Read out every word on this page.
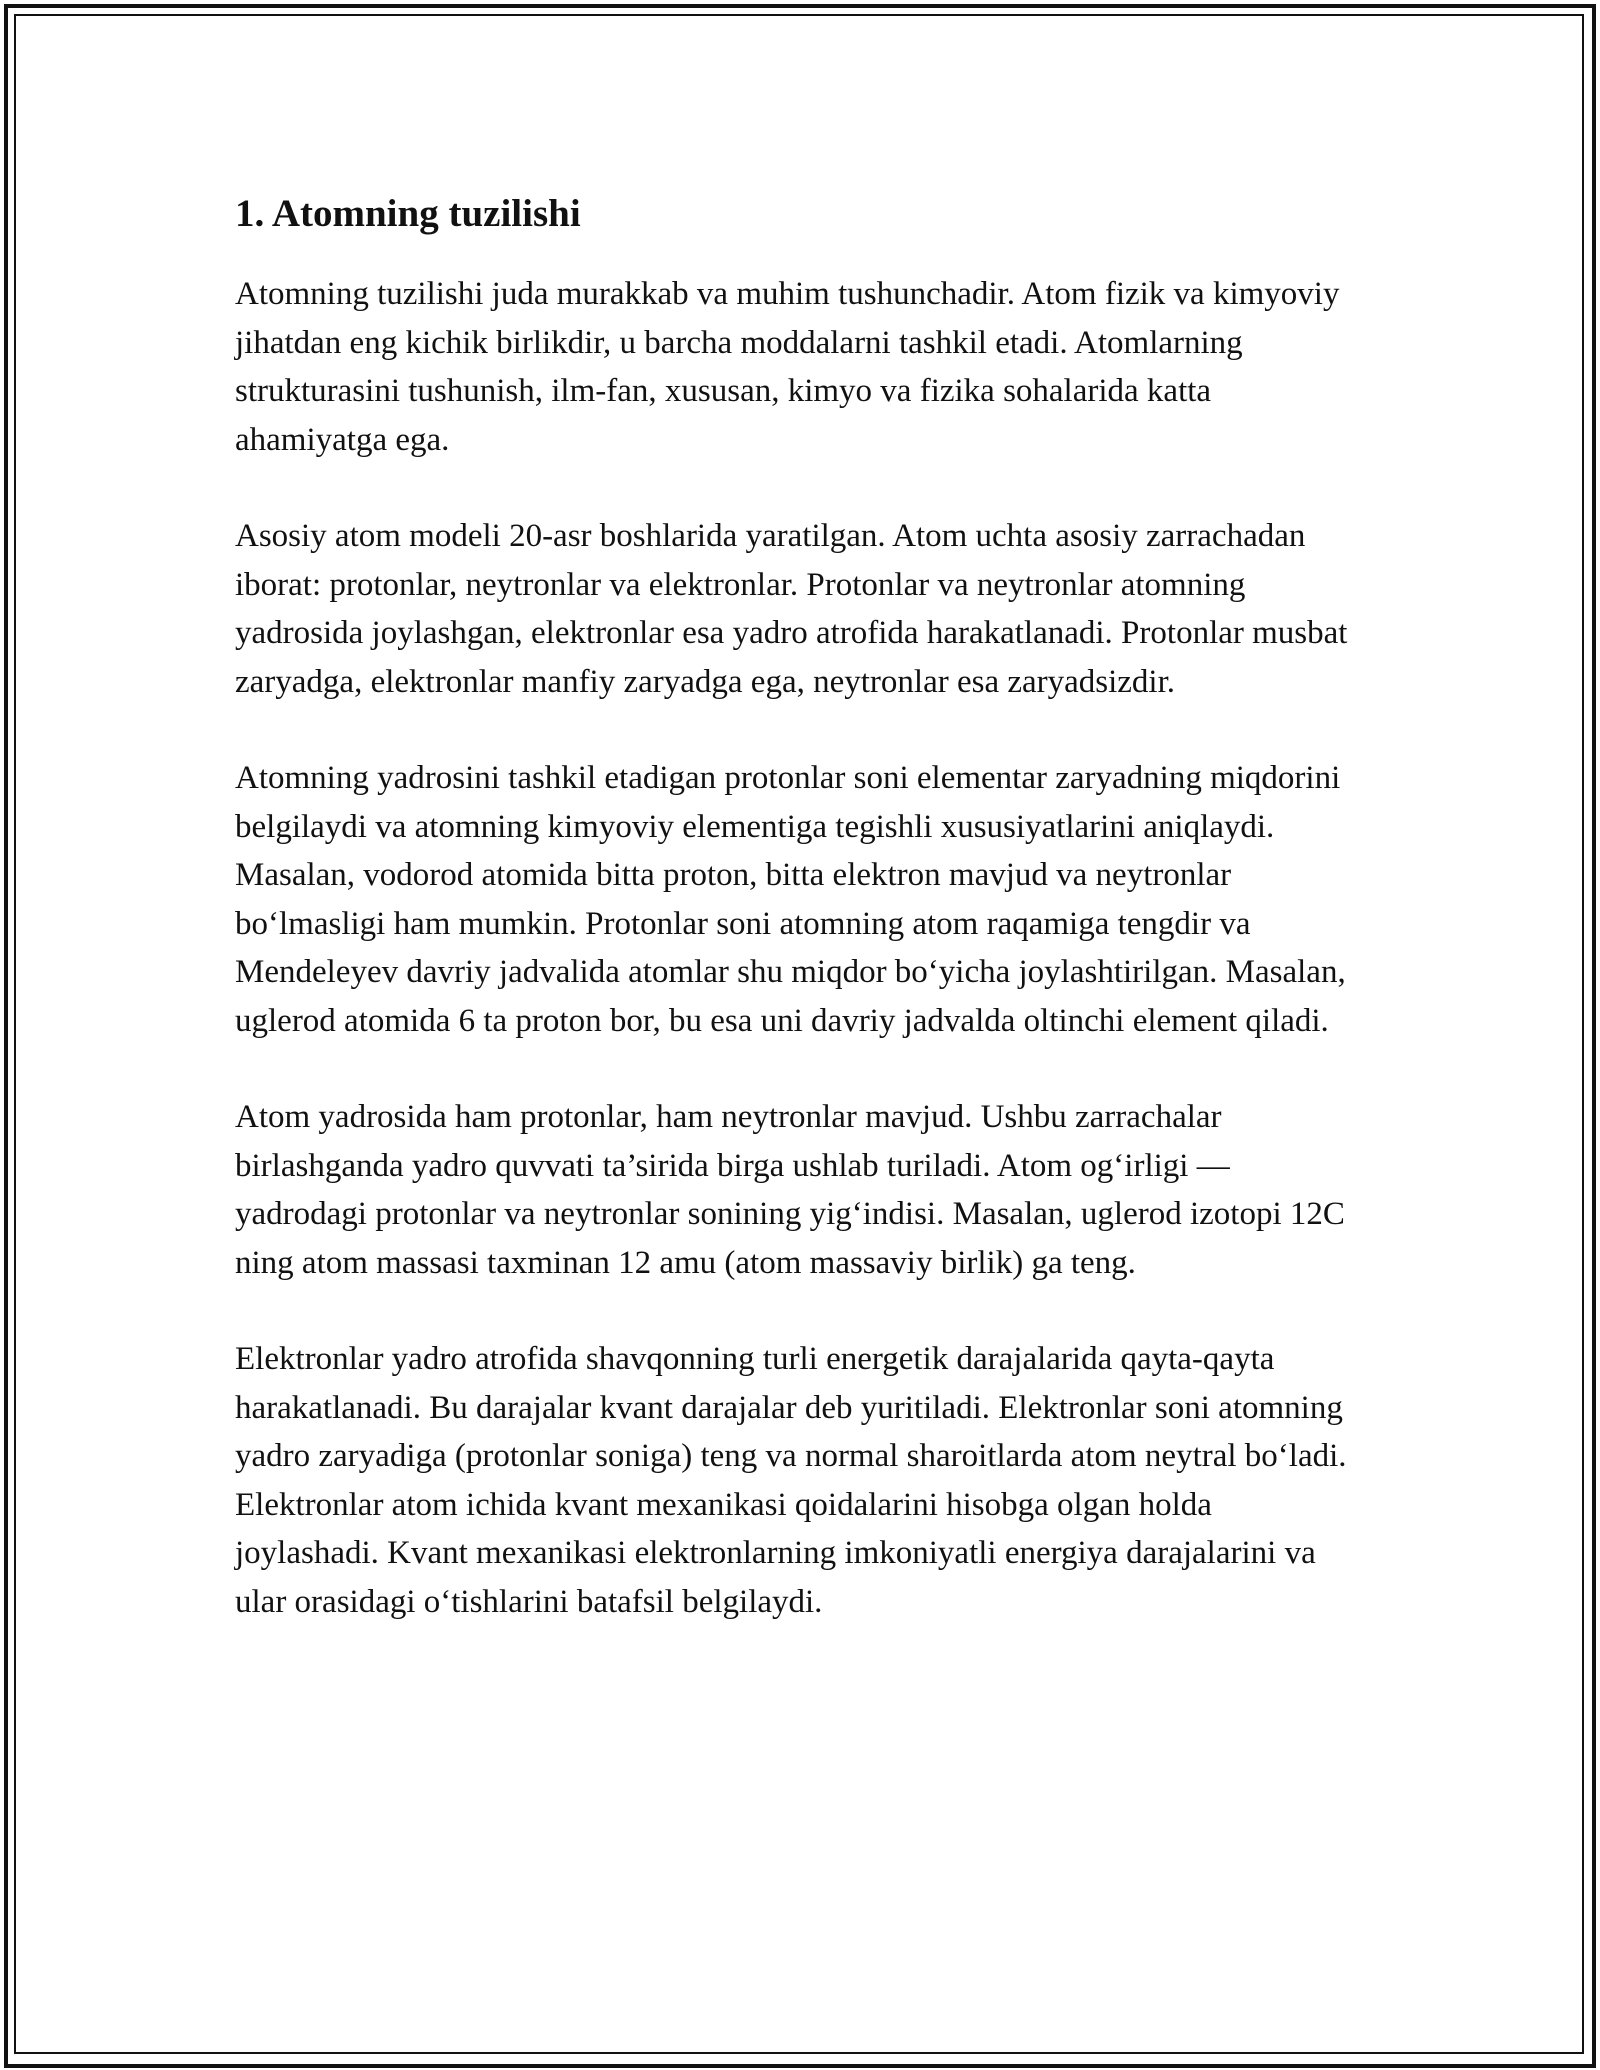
1. Atomning tuzilishi

Atomning tuzilishi juda murakkab va muhim tushunchadir. Atom fizik va kimyoviy jihatdan eng kichik birlikdir, u barcha moddalarni tashkil etadi. Atomlarning strukturasini tushunish, ilm-fan, xususan, kimyo va fizika sohalarida katta ahamiyatga ega.

Asosiy atom modeli 20-asr boshlarida yaratilgan. Atom uchta asosiy zarrachadan iborat: protonlar, neytronlar va elektronlar. Protonlar va neytronlar atomning yadrosida joylashgan, elektronlar esa yadro atrofida harakatlanadi. Protonlar musbat zaryadga, elektronlar manfiy zaryadga ega, neytronlar esa zaryadsizdir.

Atomning yadrosini tashkil etadigan protonlar soni elementar zaryadning miqdorini belgilaydi va atomning kimyoviy elementiga tegishli xususiyatlarini aniqlaydi. Masalan, vodorod atomida bitta proton, bitta elektron mavjud va neytronlar boʻlmasligi ham mumkin. Protonlar soni atomning atom raqamiga tengdir va Mendeleyev davriy jadvalida atomlar shu miqdor boʻyicha joylashtirilgan. Masalan, uglerod atomida 6 ta proton bor, bu esa uni davriy jadvalda oltinchi element qiladi.

Atom yadrosida ham protonlar, ham neytronlar mavjud. Ushbu zarrachalar birlashganda yadro quvvati ta’sirida birga ushlab turiladi. Atom ogʻirligi — yadrodagi protonlar va neytronlar sonining yigʻindisi. Masalan, uglerod izotopi 12C ning atom massasi taxminan 12 amu (atom massaviy birlik) ga teng.

Elektronlar yadro atrofida shavqonning turli energetik darajalarida qayta-qayta harakatlanadi. Bu darajalar kvant darajalar deb yuritiladi. Elektronlar soni atomning yadro zaryadiga (protonlar soniga) teng va normal sharoitlarda atom neytral boʻladi. Elektronlar atom ichida kvant mexanikasi qoidalarini hisobga olgan holda joylashadi. Kvant mexanikasi elektronlarning imkoniyatli energiya darajalarini va ular orasidagi oʻtishlarini batafsil belgilaydi.
